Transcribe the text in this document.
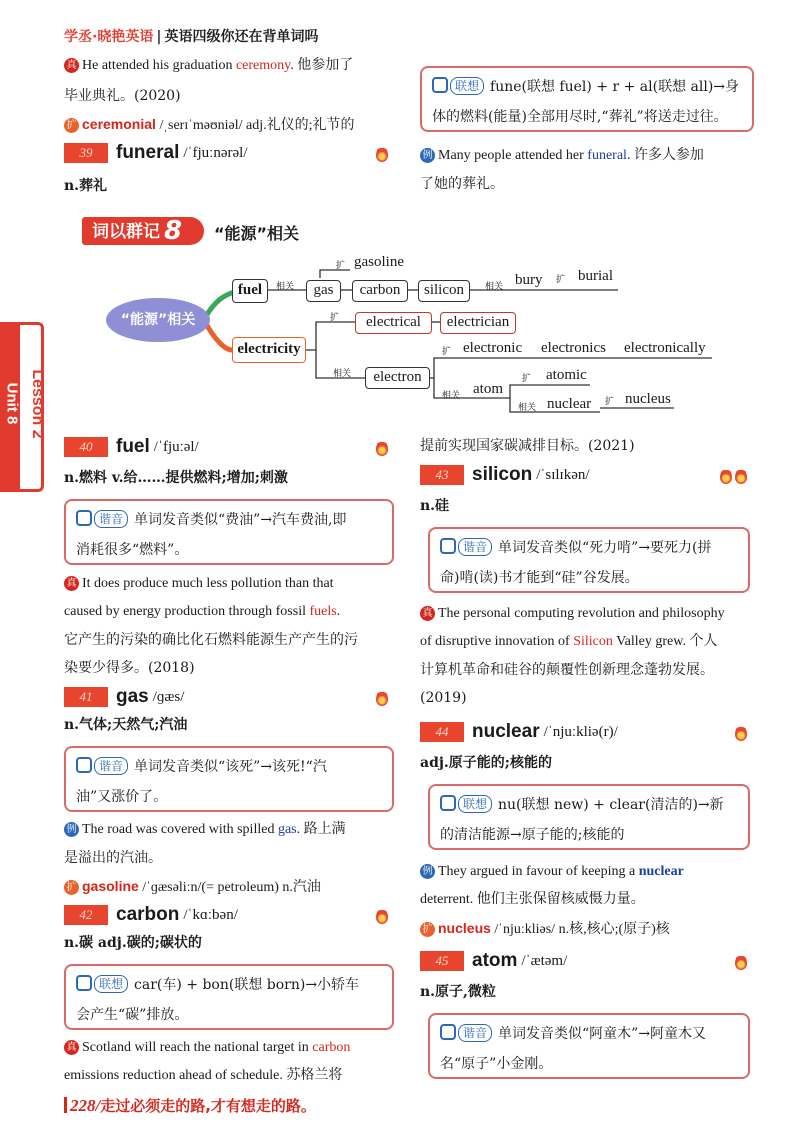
学丞·晓艳英语 | 英语四级你还在背单词吗
Unit 8 Lesson 2
真 He attended his graduation ceremony. 他参加了
毕业典礼。(2020)
扩 ceremonial /ˌserɪˈməʊniəl/ adj.礼仪的;礼节的
39 funeral /ˈfjuːnərəl/
n.葬礼
联想 fune(联想 fuel) + r + al(联想 all)→身
体的燃料(能量)全部用尽时,“葬礼”将送走过往。
例 Many people attended her funeral. 许多人参加
了她的葬礼。
词以群记 8	“能源”相关
“能源”相关
fuel	相关	gas
扩 gasoline
carbon	silicon	相关 bury 扩 burial
electricity
扩	electrical	electrician
相关	electron
扩 electronic electronics electronically
相关 atom
扩 atomic
相关 nuclear 扩 nucleus
40 fuel /ˈfjuːəl/
n.燃料 v.给……提供燃料;增加;刺激
谐音 单词发音类似“费油”→汽车费油,即
消耗很多“燃料”。
真 It does produce much less pollution than that
caused by energy production through fossil fuels.
它产生的污染的确比化石燃料能源生产产生的污
染要少得多。(2018)
41 gas /ɡæs/
n.气体;天然气;汽油
谐音 单词发音类似“该死”→该死!“汽
油”又涨价了。
例 The road was covered with spilled gas. 路上满
是溢出的汽油。
扩 gasoline /ˈɡæsəliːn/(= petroleum) n.汽油
42 carbon /ˈkɑːbən/
n.碳 adj.碳的;碳状的
联想 car(车) + bon(联想 born)→小轿车
会产生“碳”排放。
真 Scotland will reach the national target in carbon
emissions reduction ahead of schedule. 苏格兰将
提前实现国家碳减排目标。(2021)
43 silicon /ˈsɪlɪkən/
n.硅
谐音 单词发音类似“死力啃”→要死力(拼
命)啃(读)书才能到“硅”谷发展。
真 The personal computing revolution and philosophy
of disruptive innovation of Silicon Valley grew. 个人
计算机革命和硅谷的颠覆性创新理念蓬勃发展。
(2019)
44 nuclear /ˈnjuːkliə(r)/
adj.原子能的;核能的
联想 nu(联想 new) + clear(清洁的)→新
的清洁能源→原子能的;核能的
例 They argued in favour of keeping a nuclear
deterrent. 他们主张保留核威慑力量。
扩 nucleus /ˈnjuːkliəs/ n.核,核心;(原子)核
45 atom /ˈætəm/
n.原子,微粒
谐音 单词发音类似“阿童木”→阿童木又
名“原子”小金刚。
228/走过必须走的路,才有想走的路。
